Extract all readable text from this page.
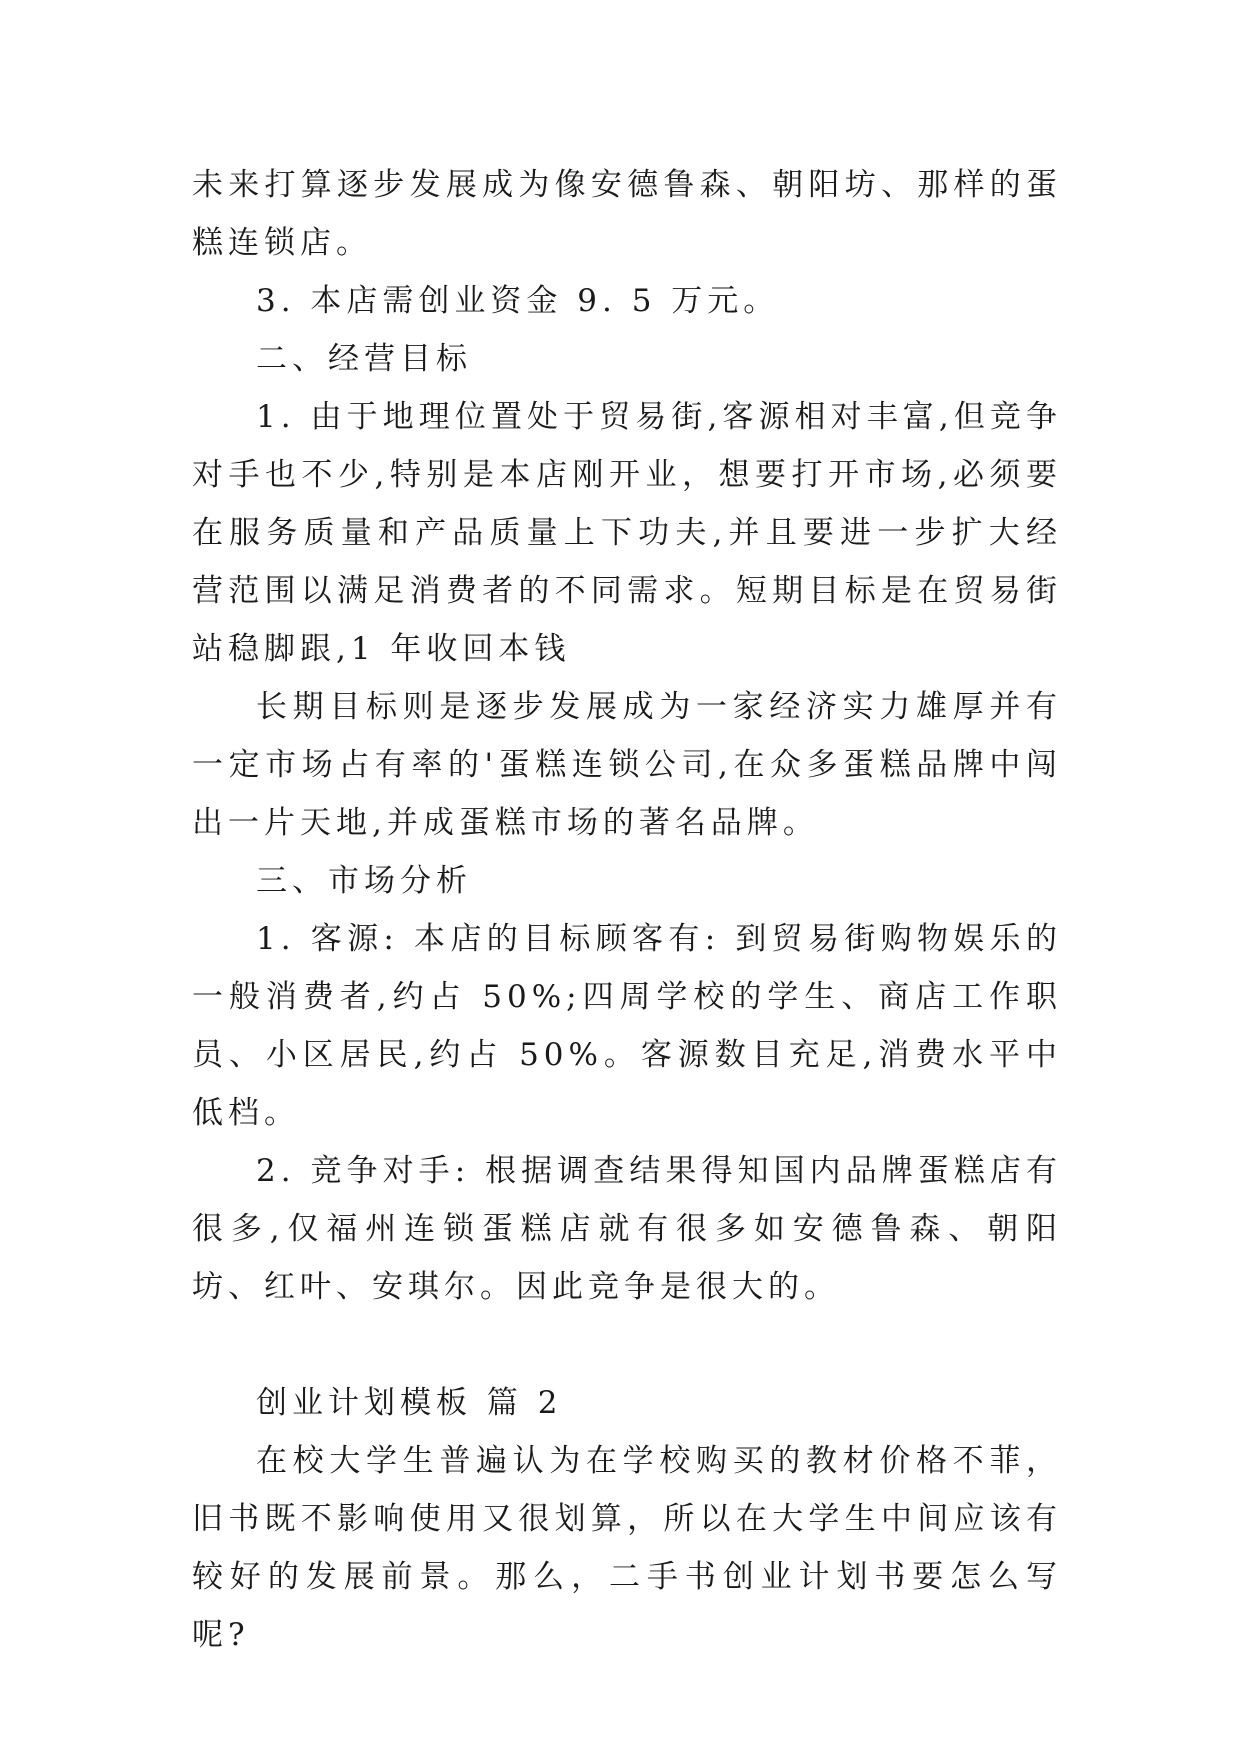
未来打算逐步发展成为像安德鲁森、朝阳坊、那样的蛋糕连锁店。

3. 本店需创业资金 9. 5 万元。

二、经营目标

1. 由于地理位置处于贸易街,客源相对丰富,但竞争对手也不少,特别是本店刚开业，想要打开市场,必须要在服务质量和产品质量上下功夫,并且要进一步扩大经营范围以满足消费者的不同需求。短期目标是在贸易街站稳脚跟,1 年收回本钱

长期目标则是逐步发展成为一家经济实力雄厚并有一定市场占有率的'蛋糕连锁公司,在众多蛋糕品牌中闯出一片天地,并成蛋糕市场的著名品牌。

三、市场分析

1. 客源: 本店的目标顾客有: 到贸易街购物娱乐的一般消费者,约占 50%;四周学校的学生、商店工作职员、小区居民,约占 50%。客源数目充足,消费水平中低档。

2. 竞争对手: 根据调查结果得知国内品牌蛋糕店有很多,仅福州连锁蛋糕店就有很多如安德鲁森、朝阳坊、红叶、安琪尔。因此竞争是很大的。

创业计划模板 篇 2

在校大学生普遍认为在学校购买的教材价格不菲，旧书既不影响使用又很划算，所以在大学生中间应该有较好的发展前景。那么，二手书创业计划书要怎么写呢?
